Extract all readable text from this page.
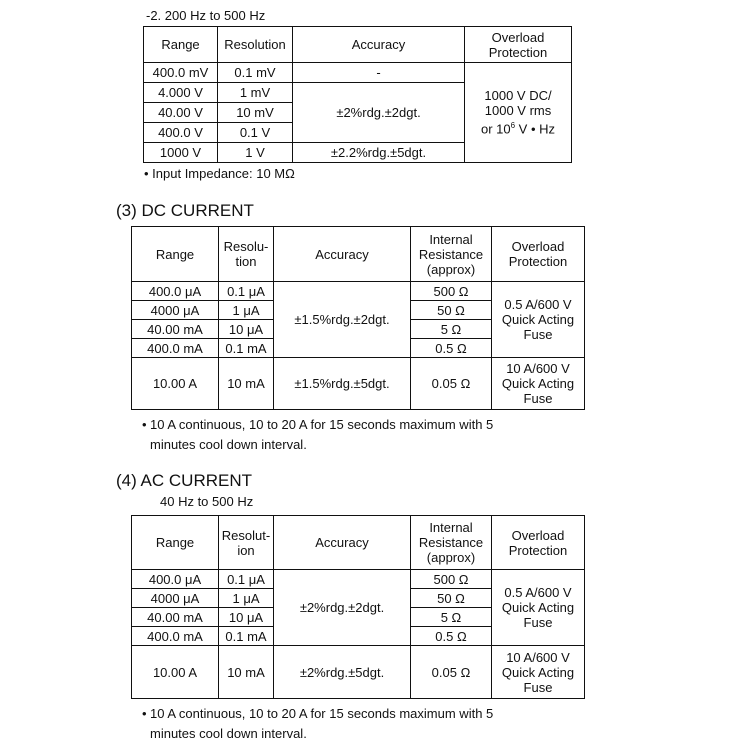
-2. 200 Hz to 500 Hz
Range	Resolution	Accuracy	Overload Protection
400.0 mV	0.1 mV	-	1000 V DC/
1000 V rms
or $10^6$ V • Hz

4.000 V	1 mV	±2%rdg.±2dgt.	
40.00 V	10 mV		
400.0 V	0.1 V		
1000 V	1 V	±2.2%rdg.±5dgt.	
• Input Impedance: 10 MΩ
(3) DC CURRENT
Range	Resolu-tion	Accuracy	Internal Resistance (approx)	Overload Protection
400.0 μA	0.1 μA	±1.5%rdg.±2dgt.	500 Ω	0.5 A/600 V Quick Acting Fuse
4000 μA	1 μA		50 Ω	
40.00 mA	10 μA		5 Ω	
400.0 mA	0.1 mA		0.5 Ω	
10.00 A	10 mA	±1.5%rdg.±5dgt.	0.05 Ω	10 A/600 V Quick Acting Fuse
• 10 A continuous, 10 to 20 A for 15 seconds maximum with 5
minutes cool down interval.
(4) AC CURRENT
40 Hz to 500 Hz
Range	Resolut-ion	Accuracy	Internal Resistance (approx)	Overload Protection
400.0 μA	0.1 μA	±2%rdg.±2dgt.	500 Ω	0.5 A/600 V Quick Acting Fuse
4000 μA	1 μA		50 Ω	
40.00 mA	10 μA		5 Ω	
400.0 mA	0.1 mA		0.5 Ω	
10.00 A	10 mA	±2%rdg.±5dgt.	0.05 Ω	10 A/600 V Quick Acting Fuse
• 10 A continuous, 10 to 20 A for 15 seconds maximum with 5
minutes cool down interval.
